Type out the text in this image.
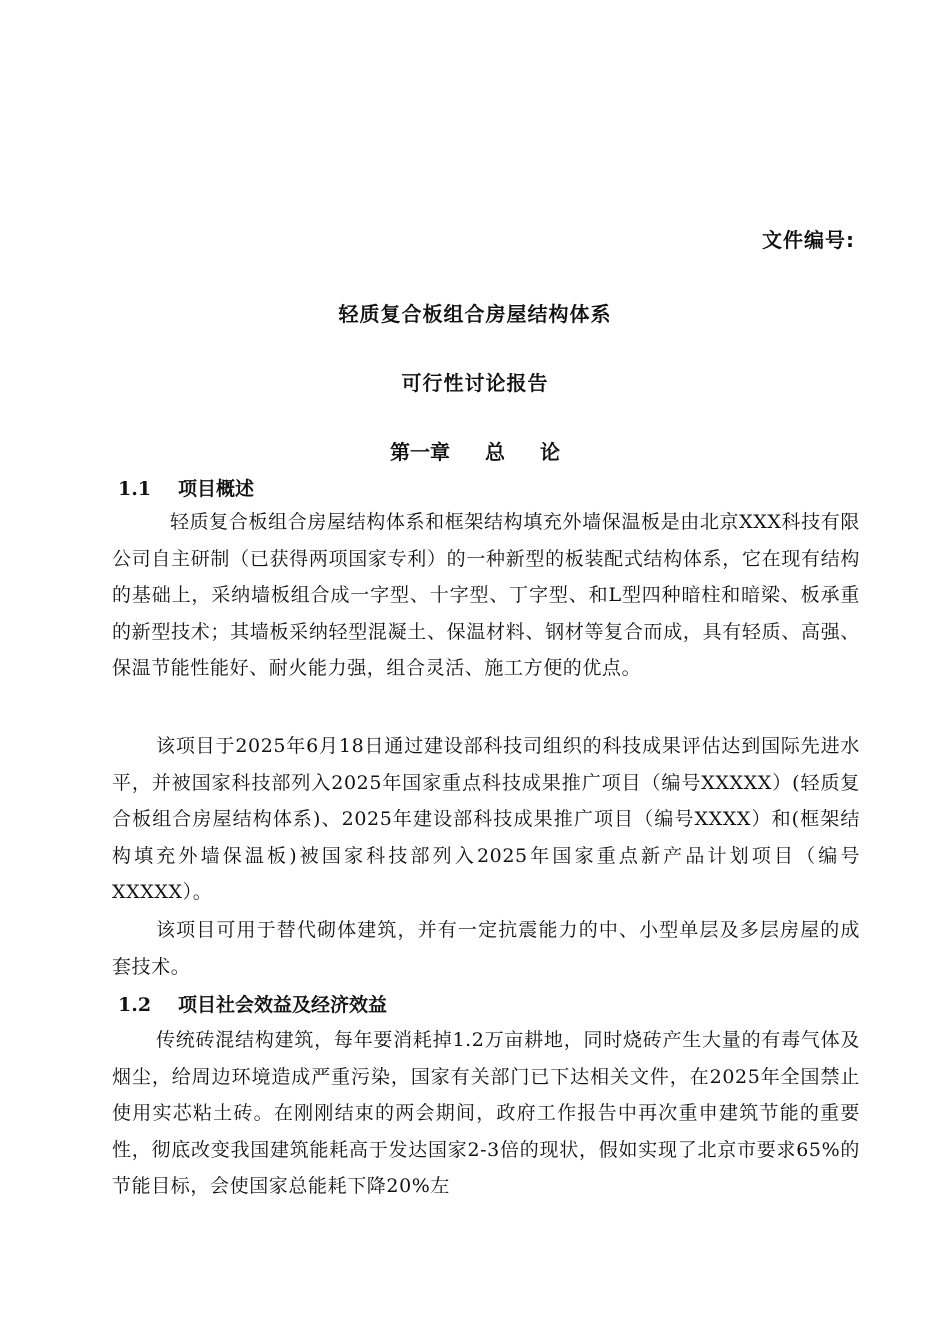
文件编号:
轻质复合板组合房屋结构体系
可行性讨论报告
第一章 总 论
1.1 项目概述
轻质复合板组合房屋结构体系和框架结构填充外墙保温板是由北京XXX科技有限公司自主研制（已获得两项国家专利）的一种新型的板装配式结构体系，它在现有结构的基础上，采纳墙板组合成一字型、十字型、丁字型、和L型四种暗柱和暗梁、板承重的新型技术；其墙板采纳轻型混凝土、保温材料、钢材等复合而成，具有轻质、高强、保温节能性能好、耐火能力强，组合灵活、施工方便的优点。
该项目于2025年6月18日通过建设部科技司组织的科技成果评估达到国际先进水平，并被国家科技部列入2025年国家重点科技成果推广项目（编号XXXXX）(轻质复合板组合房屋结构体系)、2025年建设部科技成果推广项目（编号XXXX）和(框架结构填充外墙保温板)被国家科技部列入2025年国家重点新产品计划项目（编号XXXXX）。
该项目可用于替代砌体建筑，并有一定抗震能力的中、小型单层及多层房屋的成套技术。
1.2 项目社会效益及经济效益
传统砖混结构建筑，每年要消耗掉1.2万亩耕地，同时烧砖产生大量的有毒气体及烟尘，给周边环境造成严重污染，国家有关部门已下达相关文件，在2025年全国禁止使用实芯粘土砖。在刚刚结束的两会期间，政府工作报告中再次重申建筑节能的重要性，彻底改变我国建筑能耗高于发达国家2-3倍的现状，假如实现了北京市要求65%的节能目标，会使国家总能耗下降20%左
